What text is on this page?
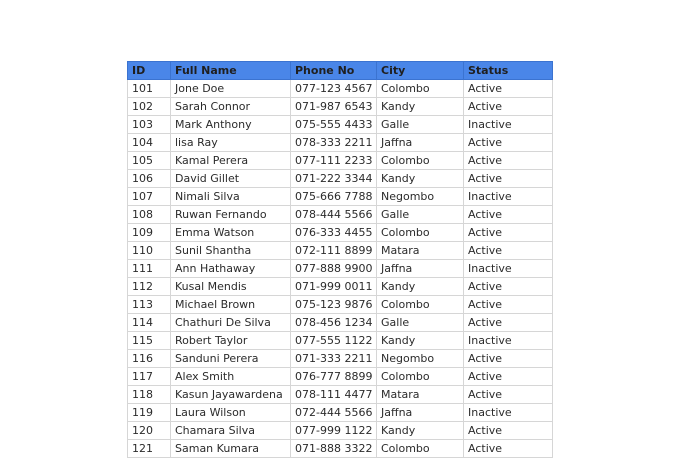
ID	Full Name	Phone No	City	Status
101	Jone Doe	077-123 4567	Colombo	Active
102	Sarah Connor	071-987 6543	Kandy	Active
103	Mark Anthony	075-555 4433	Galle	Inactive
104	lisa Ray	078-333 2211	Jaffna	Active
105	Kamal Perera	077-111 2233	Colombo	Active
106	David Gillet	071-222 3344	Kandy	Active
107	Nimali Silva	075-666 7788	Negombo	Inactive
108	Ruwan Fernando	078-444 5566	Galle	Active
109	Emma Watson	076-333 4455	Colombo	Active
110	Sunil Shantha	072-111 8899	Matara	Active
111	Ann Hathaway	077-888 9900	Jaffna	Inactive
112	Kusal Mendis	071-999 0011	Kandy	Active
113	Michael Brown	075-123 9876	Colombo	Active
114	Chathuri De Silva	078-456 1234	Galle	Active
115	Robert Taylor	077-555 1122	Kandy	Inactive
116	Sanduni Perera	071-333 2211	Negombo	Active
117	Alex Smith	076-777 8899	Colombo	Active
118	Kasun Jayawardena	078-111 4477	Matara	Active
119	Laura Wilson	072-444 5566	Jaffna	Inactive
120	Chamara Silva	077-999 1122	Kandy	Active
121	Saman Kumara	071-888 3322	Colombo	Active
